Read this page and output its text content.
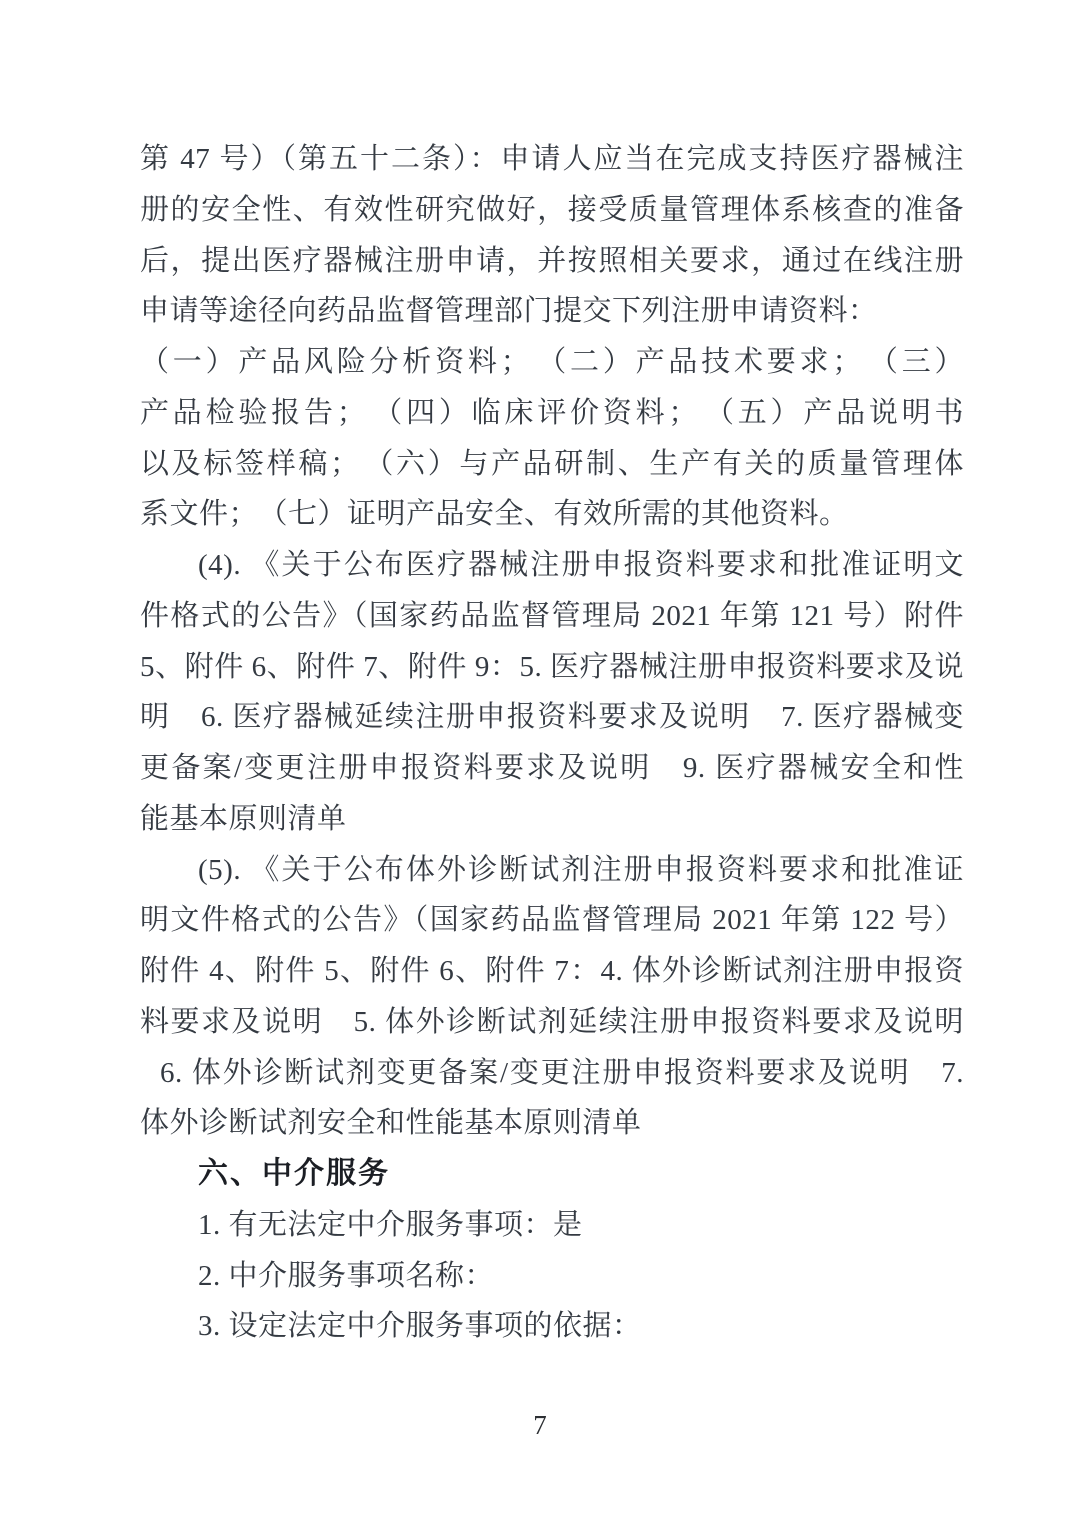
第 47 号）（第五十二条）：申请人应当在完成支持医疗器械注
册的安全性、有效性研究做好，接受质量管理体系核查的准备
后，提出医疗器械注册申请，并按照相关要求，通过在线注册
申请等途径向药品监督管理部门提交下列注册申请资料：
（一）产品风险分析资料；　（二）产品技术要求；　（三）
产品检验报告；　（四）临床评价资料；　（五）产品说明书
以及标签样稿；　（六）与产品研制、生产有关的质量管理体
系文件；　（七）证明产品安全、有效所需的其他资料。
(4). 《关于公布医疗器械注册申报资料要求和批准证明文
件格式的公告》（国家药品监督管理局 2021 年第 121 号）附件
5、附件 6、附件 7、附件 9：5. 医疗器械注册申报资料要求及说
明　6. 医疗器械延续注册申报资料要求及说明　7. 医疗器械变
更备案/变更注册申报资料要求及说明　9. 医疗器械安全和性
能基本原则清单
(5). 《关于公布体外诊断试剂注册申报资料要求和批准证
明文件格式的公告》（国家药品监督管理局 2021 年第 122 号）
附件 4、附件 5、附件 6、附件 7：4. 体外诊断试剂注册申报资
料要求及说明　5. 体外诊断试剂延续注册申报资料要求及说明
6. 体外诊断试剂变更备案/变更注册申报资料要求及说明　7.
体外诊断试剂安全和性能基本原则清单
六、中介服务
1. 有无法定中介服务事项：是
2. 中介服务事项名称：
3. 设定法定中介服务事项的依据：
7
